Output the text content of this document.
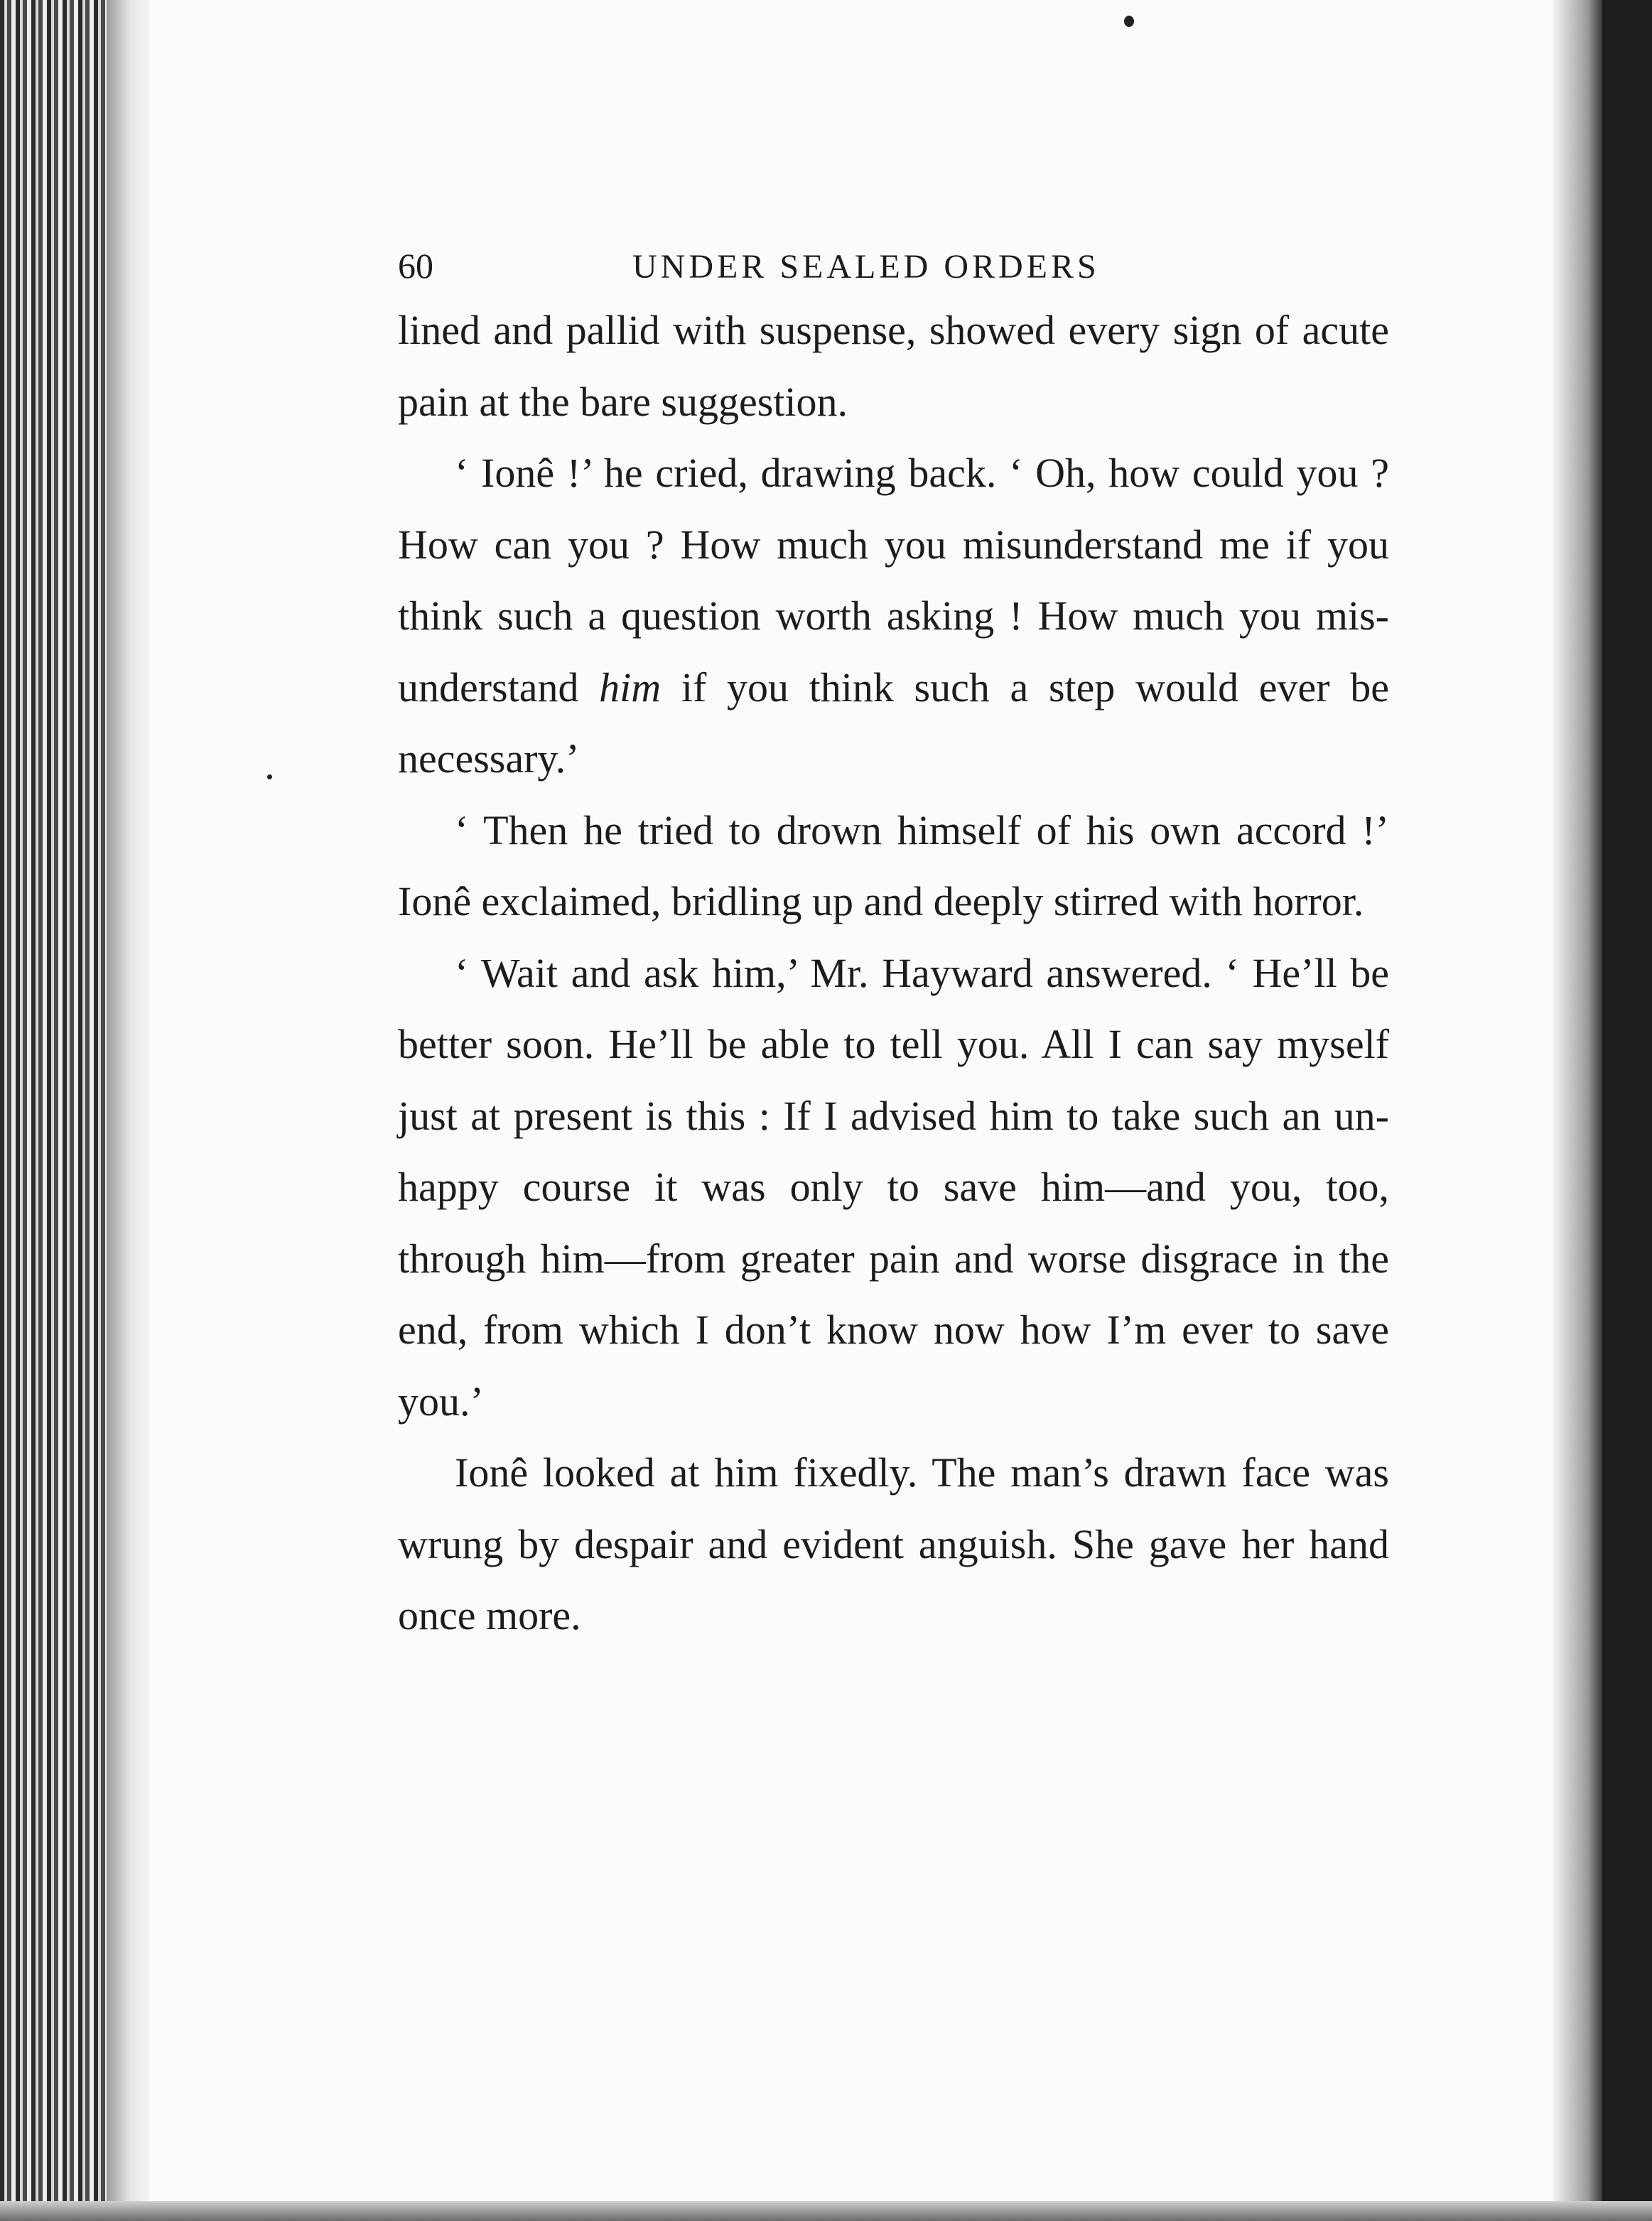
60	UNDER SEALED ORDERS

lined and pallid with suspense, showed every sign of acute pain at the bare suggestion.

‘ Ionê !’ he cried, drawing back. ‘ Oh, how could you ? How can you ? How much you misunderstand me if you think such a question worth asking ! How much you mis-understand him if you think such a step would ever be necessary.’

‘ Then he tried to drown himself of his own accord !’ Ionê exclaimed, bridling up and deeply stirred with horror.

‘ Wait and ask him,’ Mr. Hayward answered. ‘ He’ll be better soon. He’ll be able to tell you. All I can say myself just at present is this : If I advised him to take such an un-happy course it was only to save him—and you, too, through him—from greater pain and worse disgrace in the end, from which I don’t know now how I’m ever to save you.’

Ionê looked at him fixedly. The man’s drawn face was wrung by despair and evident anguish. She gave her hand once more.
